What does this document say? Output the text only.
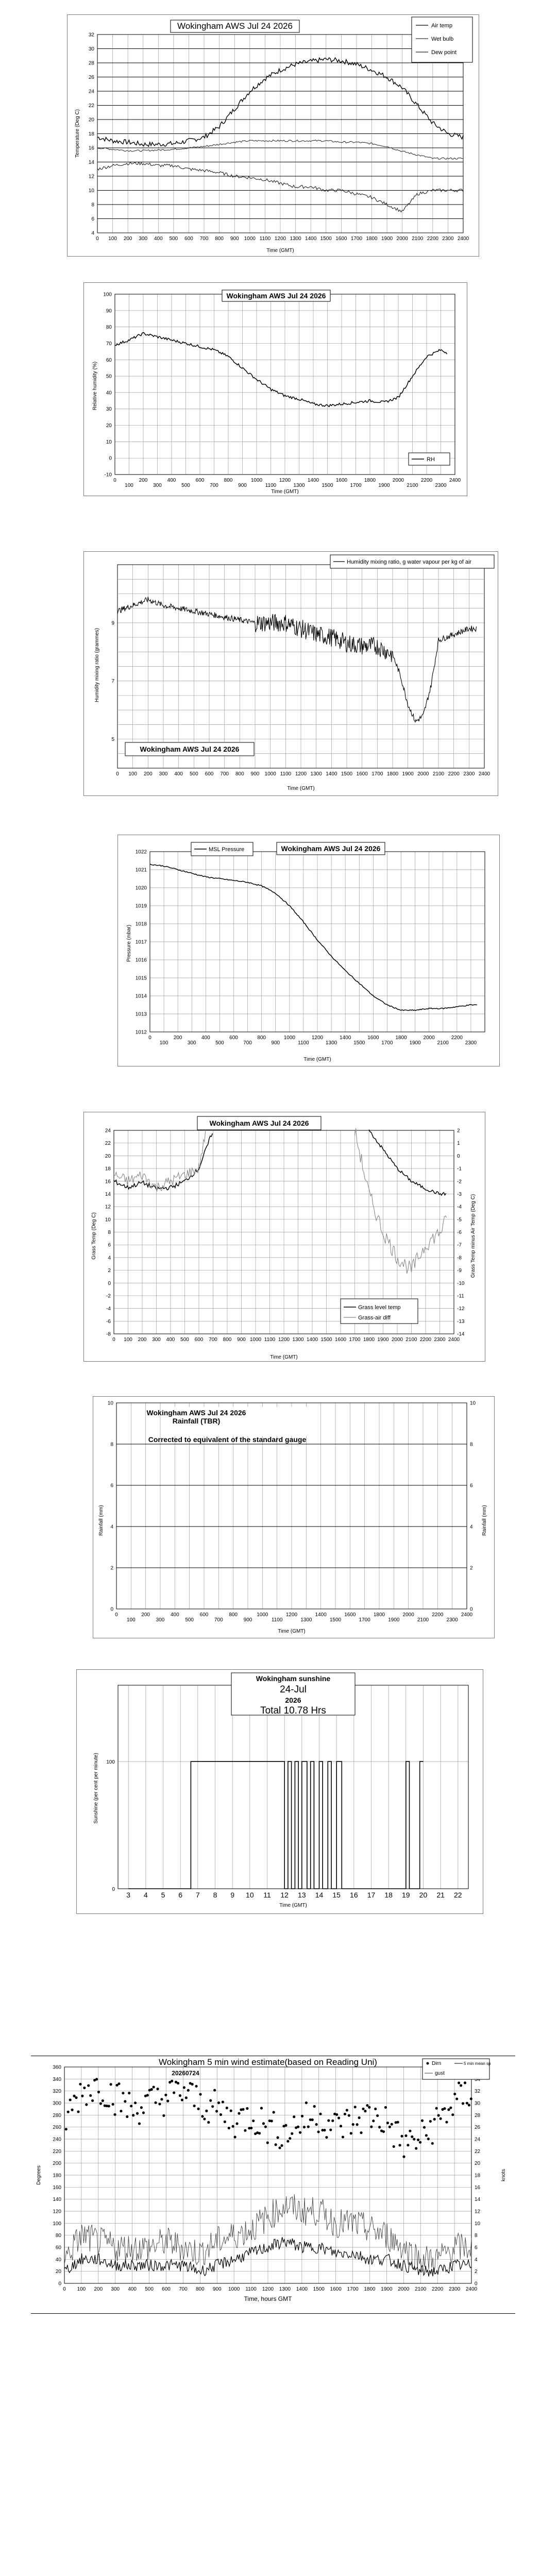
0 100 200 300 400 500 600 700 800 900 1000 1100 1200 1300 1400 1500 1600 1700 1800 1900 2000 2100 2200 2300 2400
4
6
8
10
12
14
16
18
20
22
24
26
28
30
32
Wokingham AWS Jul 24 2026	Air temp
Wet bulb
Dew point
Temperature (Deg C)
Time (GMT)
0
100
200
300
400
500
600
700
800
900
1000
1100
1200
1300
1400
1500
1600
1700
1800
1900
2000
2100
2200
2300
2400
-10
0
10
20
30
40
50
60
70
80
90
100	Wokingham AWS Jul 24 2026
RH
Relative humidity (%)
Time (GMT)
0 100 200 300 400 500 600 700 800 900 1000 1100 1200 1300 1400 1500 1600 1700 1800 1900 2000 2100 2200 2300 2400
5
7
9
Humidity mixing ratio, g water vapour per kg of air
Wokingham AWS Jul 24 2026
Humidity mixing ratio (grammes)
Time (GMT)
0
100
200
300
400
500
600
700
800
900
1000
1100
1200
1300
1400
1500
1600
1700
1800
1900
2000
2100
2200
2300
1012
1013
1014
1015
1016
1017
1018
1019
1020
1021
1022	MSL Pressure	Wokingham AWS Jul 24 2026
Pressure (mbar)
Time (GMT)
0 100 200 300 400 500 600 700 800 900 1000 1100 1200 1300 1400 1500 1600 1700 1800 1900 2000 2100 2200 2300 2400
-8
-6
-4
-2
0
2
4
6
8
10
12
14
16
18
20
22
24	2
1
0
-1
-2
-3
-4
-5
-6
-7
-8
-9
-10
-11
-12
-13
-14
Wokingham AWS Jul 24 2026
Grass level temp
Grass-air diff
Grass Temp (Deg C)	Grass Temp minus Air Temp (Deg C)
Time (GMT)
0
100
200
300
400
500
600
700
800
900
1000
1100
1200
1300
1400
1500
1600
1700
1800
1900
2000
2100
2200
2300
2400
0
2
4
6
8
10
0
2
4
6
8
10
Wokingham AWS Jul 24 2026
Rainfall (TBR)
Corrected to equivalent of the standard gauge
Rainfall (mm)	Rainfall (mm)
Time (GMT)
3 4 5 6 7 8 9 10 11 12 13 14 15 16 17 18 19 20 21 22
0
100
Wokingham sunshine
24-Jul
2026
Total 10.78 Hrs
Sunshine (per cent per minute)
Time (GMT)
0 100 200 300 400 500 600 700 800 900 1000 1100 1200 1300 1400 1500 1600 1700 1800 1900 2000 2100 2200 2300 2400
0
20
40
60
80
100
120
140
160
180
200
220
240
260
280
300
320
340
360
0
2
4
6
8
10
12
14
16
18
20
22
24
26
28
30
32
Wokingham 5 min wind estimate(based on Reading Uni)
20260724
Dirn	5 min mean sp
gust
Degrees	knots
Time, hours GMT
